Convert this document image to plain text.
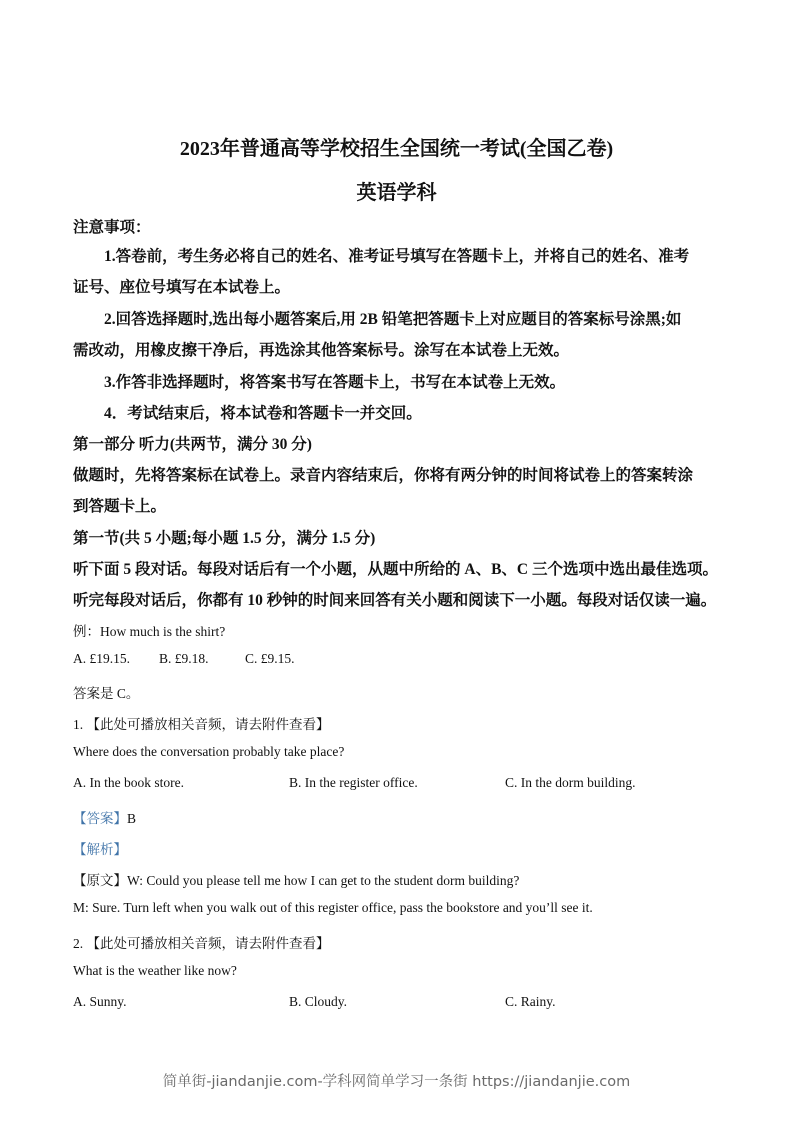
2023年普通高等学校招生全国统一考试(全国乙卷)
英语学科
注意事项：
1.答卷前，考生务必将自己的姓名、准考证号填写在答题卡上，并将自己的姓名、准考
证号、座位号填写在本试卷上。
2.回答选择题时,选出每小题答案后,用 2B 铅笔把答题卡上对应题目的答案标号涂黑;如
需改动，用橡皮擦干净后，再选涂其他答案标号。涂写在本试卷上无效。
3.作答非选择题时，将答案书写在答题卡上，书写在本试卷上无效。
4．考试结束后，将本试卷和答题卡一并交回。
第一部分 听力(共两节，满分 30 分)
做题时，先将答案标在试卷上。录音内容结束后，你将有两分钟的时间将试卷上的答案转涂
到答题卡上。
第一节(共 5 小题;每小题 1.5 分，满分 1.5 分)
听下面 5 段对话。每段对话后有一个小题，从题中所给的 A、B、C 三个选项中选出最佳选项。
听完每段对话后，你都有 10 秒钟的时间来回答有关小题和阅读下一小题。每段对话仅读一遍。
例：How much is the shirt?
A. £19.15. B. £9.18.	C. £9.15.
答案是 C。
1. 【此处可播放相关音频，请去附件查看】
Where does the conversation probably take place?
A. In the book store.	B. In the register office.	C. In the dorm building.
【答案】B
【解析】
【原文】W: Could you please tell me how I can get to the student dorm building?
M: Sure. Turn left when you walk out of this register office, pass the bookstore and you’ll see it.
2. 【此处可播放相关音频，请去附件查看】
What is the weather like now?
A. Sunny.	B. Cloudy.	C. Rainy.
简单街-jiandanjie.com-学科网简单学习一条街 https://jiandanjie.com
